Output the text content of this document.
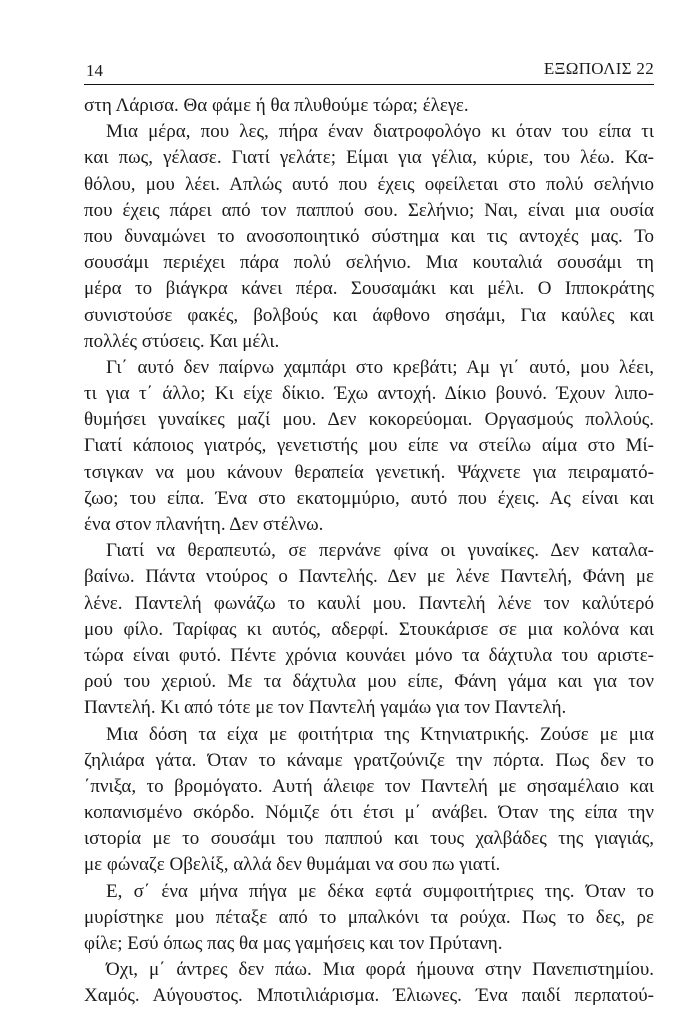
14	ΕΞΩΠΟΛΙΣ 22
στη Λάρισα. Θα φάμε ή θα πλυθούμε τώρα; έλεγε.
Μια μέρα, που λες, πήρα έναν διατροφολόγο κι όταν του είπα τι
και πως, γέλασε. Γιατί γελάτε; Είμαι για γέλια, κύριε, του λέω. Κα-
θόλου, μου λέει. Απλώς αυτό που έχεις οφείλεται στο πολύ σελήνιο
που έχεις πάρει από τον παππού σου. Σελήνιο; Ναι, είναι μια ουσία
που δυναμώνει το ανοσοποιητικό σύστημα και τις αντοχές μας. Το
σουσάμι περιέχει πάρα πολύ σελήνιο. Μια κουταλιά σουσάμι τη
μέρα το βιάγκρα κάνει πέρα. Σουσαμάκι και μέλι. Ο Ιπποκράτης
συνιστούσε φακές, βολβούς και άφθονο σησάμι, Για καύλες και
πολλές στύσεις. Και μέλι.
Γι΄ αυτό δεν παίρνω χαμπάρι στο κρεβάτι; Αμ γι΄ αυτό, μου λέει,
τι για τ΄ άλλο; Κι είχε δίκιο. Έχω αντοχή. Δίκιο βουνό. Έχουν λιπο-
θυμήσει γυναίκες μαζί μου. Δεν κοκορεύομαι. Οργασμούς πολλούς.
Γιατί κάποιος γιατρός, γενετιστής μου είπε να στείλω αίμα στο Μί-
τσιγκαν να μου κάνουν θεραπεία γενετική. Ψάχνετε για πειραματό-
ζωο; του είπα. Ένα στο εκατομμύριο, αυτό που έχεις. Ας είναι και
ένα στον πλανήτη. Δεν στέλνω.
Γιατί να θεραπευτώ, σε περνάνε φίνα οι γυναίκες. Δεν καταλα-
βαίνω. Πάντα ντούρος ο Παντελής. Δεν με λένε Παντελή, Φάνη με
λένε. Παντελή φωνάζω το καυλί μου. Παντελή λένε τον καλύτερό
μου φίλο. Ταρίφας κι αυτός, αδερφί. Στουκάρισε σε μια κολόνα και
τώρα είναι φυτό. Πέντε χρόνια κουνάει μόνο τα δάχτυλα του αριστε-
ρού του χεριού. Με τα δάχτυλα μου είπε, Φάνη γάμα και για τον
Παντελή. Κι από τότε με τον Παντελή γαμάω για τον Παντελή.
Μια δόση τα είχα με φοιτήτρια της Κτηνιατρικής. Ζούσε με μια
ζηλιάρα γάτα. Όταν το κάναμε γρατζούνιζε την πόρτα. Πως δεν το
΄πνιξα, το βρομόγατο. Αυτή άλειφε τον Παντελή με σησαμέλαιο και
κοπανισμένο σκόρδο. Νόμιζε ότι έτσι μ΄ ανάβει. Όταν της είπα την
ιστορία με το σουσάμι του παππού και τους χαλβάδες της γιαγιάς,
με φώναζε Οβελίξ, αλλά δεν θυμάμαι να σου πω γιατί.
Ε, σ΄ ένα μήνα πήγα με δέκα εφτά συμφοιτήτριες της. Όταν το
μυρίστηκε μου πέταξε από το μπαλκόνι τα ρούχα. Πως το δες, ρε
φίλε; Εσύ όπως πας θα μας γαμήσεις και τον Πρύτανη.
Όχι, μ΄ άντρες δεν πάω. Μια φορά ήμουνα στην Πανεπιστημίου.
Χαμός. Αύγουστος. Μποτιλιάρισμα. Έλιωνες. Ένα παιδί περπατού-
